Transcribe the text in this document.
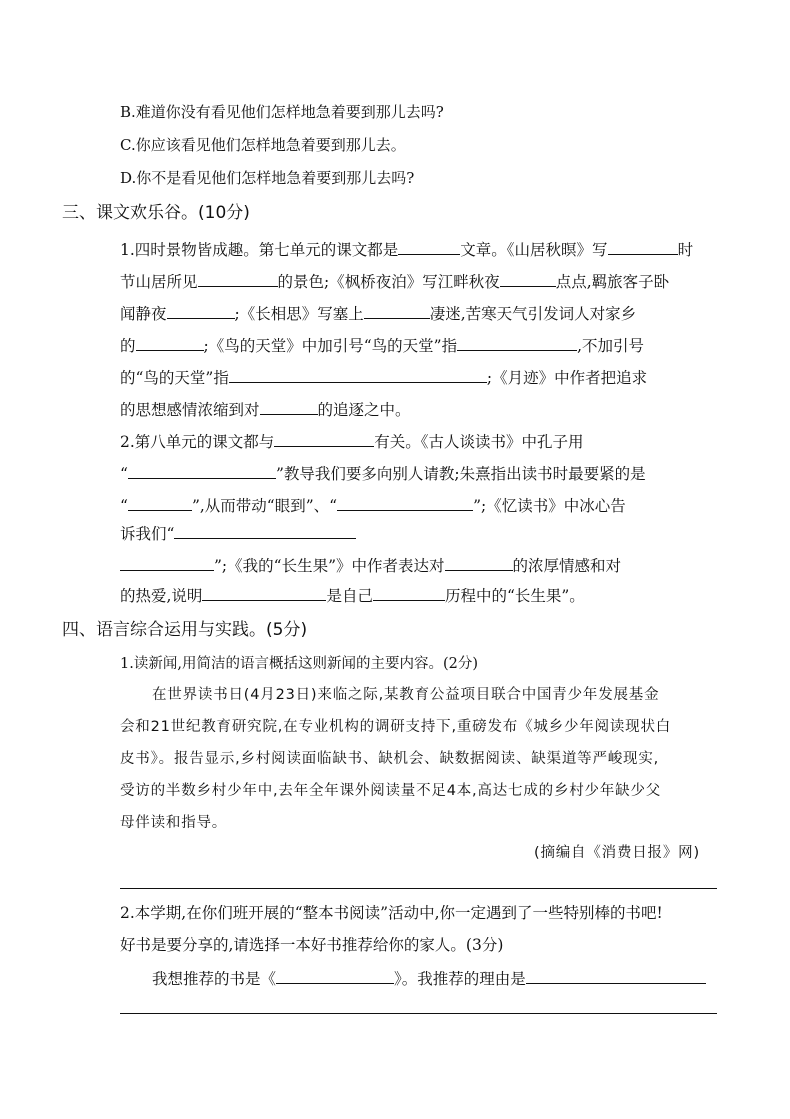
B.难道你没有看见他们怎样地急着要到那儿去吗?
C.你应该看见他们怎样地急着要到那儿去。
D.你不是看见他们怎样地急着要到那儿去吗?
三、课文欢乐谷。(10分)
1.四时景物皆成趣。第七单元的课文都是	文章。《山居秋暝》写	时
节山居所见	的景色;《枫桥夜泊》写江畔秋夜	点点,羁旅客子卧
闻静夜	;《长相思》写塞上	凄迷,苦寒天气引发词人对家乡
的	;《鸟的天堂》中加引号“鸟的天堂”指	,不加引号
的“鸟的天堂”指	;《月迹》中作者把追求
的思想感情浓缩到对	的追逐之中。
2.第八单元的课文都与	有关。《古人谈读书》中孔子用
“	”教导我们要多向别人请教;朱熹指出读书时最要紧的是
“	”,从而带动“眼到”、“	”;《忆读书》中冰心告
诉我们“
”;《我的“长生果”》中作者表达对	的浓厚情感和对
的热爱,说明	是自己	历程中的“长生果”。
四、语言综合运用与实践。(5分)
1.读新闻,用简洁的语言概括这则新闻的主要内容。(2分)
在世界读书日(4月23日)来临之际,某教育公益项目联合中国青少年发展基金
会和21世纪教育研究院,在专业机构的调研支持下,重磅发布《城乡少年阅读现状白
皮书》。报告显示,乡村阅读面临缺书、缺机会、缺数据阅读、缺渠道等严峻现实,
受访的半数乡村少年中,去年全年课外阅读量不足4本,高达七成的乡村少年缺少父
母伴读和指导。
(摘编自《消费日报》网)
2.本学期,在你们班开展的“整本书阅读”活动中,你一定遇到了一些特别棒的书吧!
好书是要分享的,请选择一本好书推荐给你的家人。(3分)
我想推荐的书是《	》。我推荐的理由是
